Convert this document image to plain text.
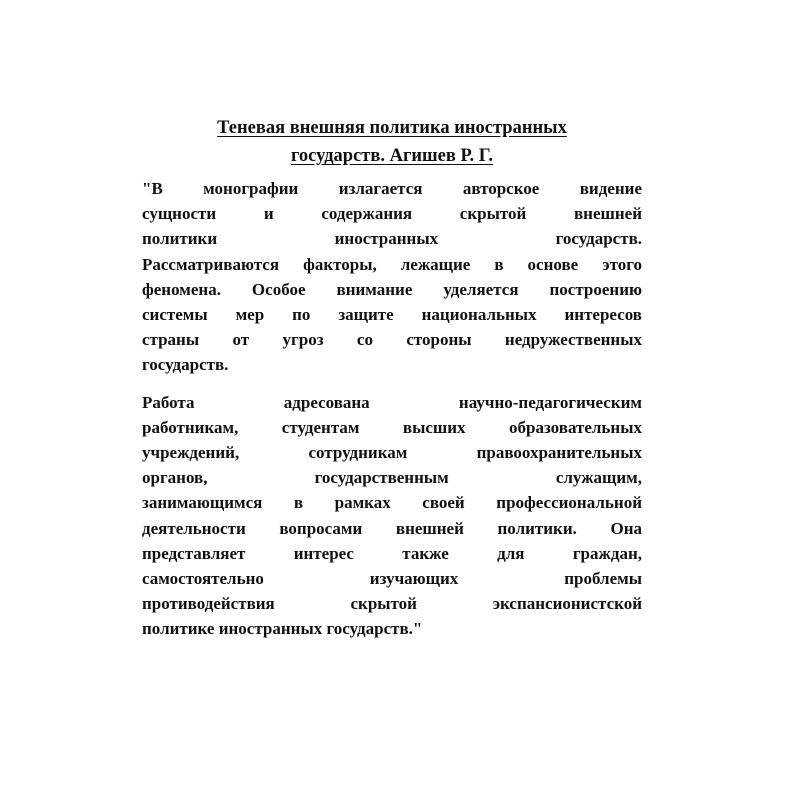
Теневая внешняя политика иностранных
государств. Агишев Р. Г.

"В монографии излагается авторское видение
сущности и содержания скрытой внешней
политики иностранных государств.
Рассматриваются факторы, лежащие в основе этого
феномена. Особое внимание уделяется построению
системы мер по защите национальных интересов
страны от угроз со стороны недружественных
государств.

Работа адресована научно-педагогическим
работникам, студентам высших образовательных
учреждений, сотрудникам правоохранительных
органов, государственным служащим,
занимающимся в рамках своей профессиональной
деятельности вопросами внешней политики. Она
представляет интерес также для граждан,
самостоятельно изучающих проблемы
противодействия скрытой экспансионистской
политике иностранных государств."
